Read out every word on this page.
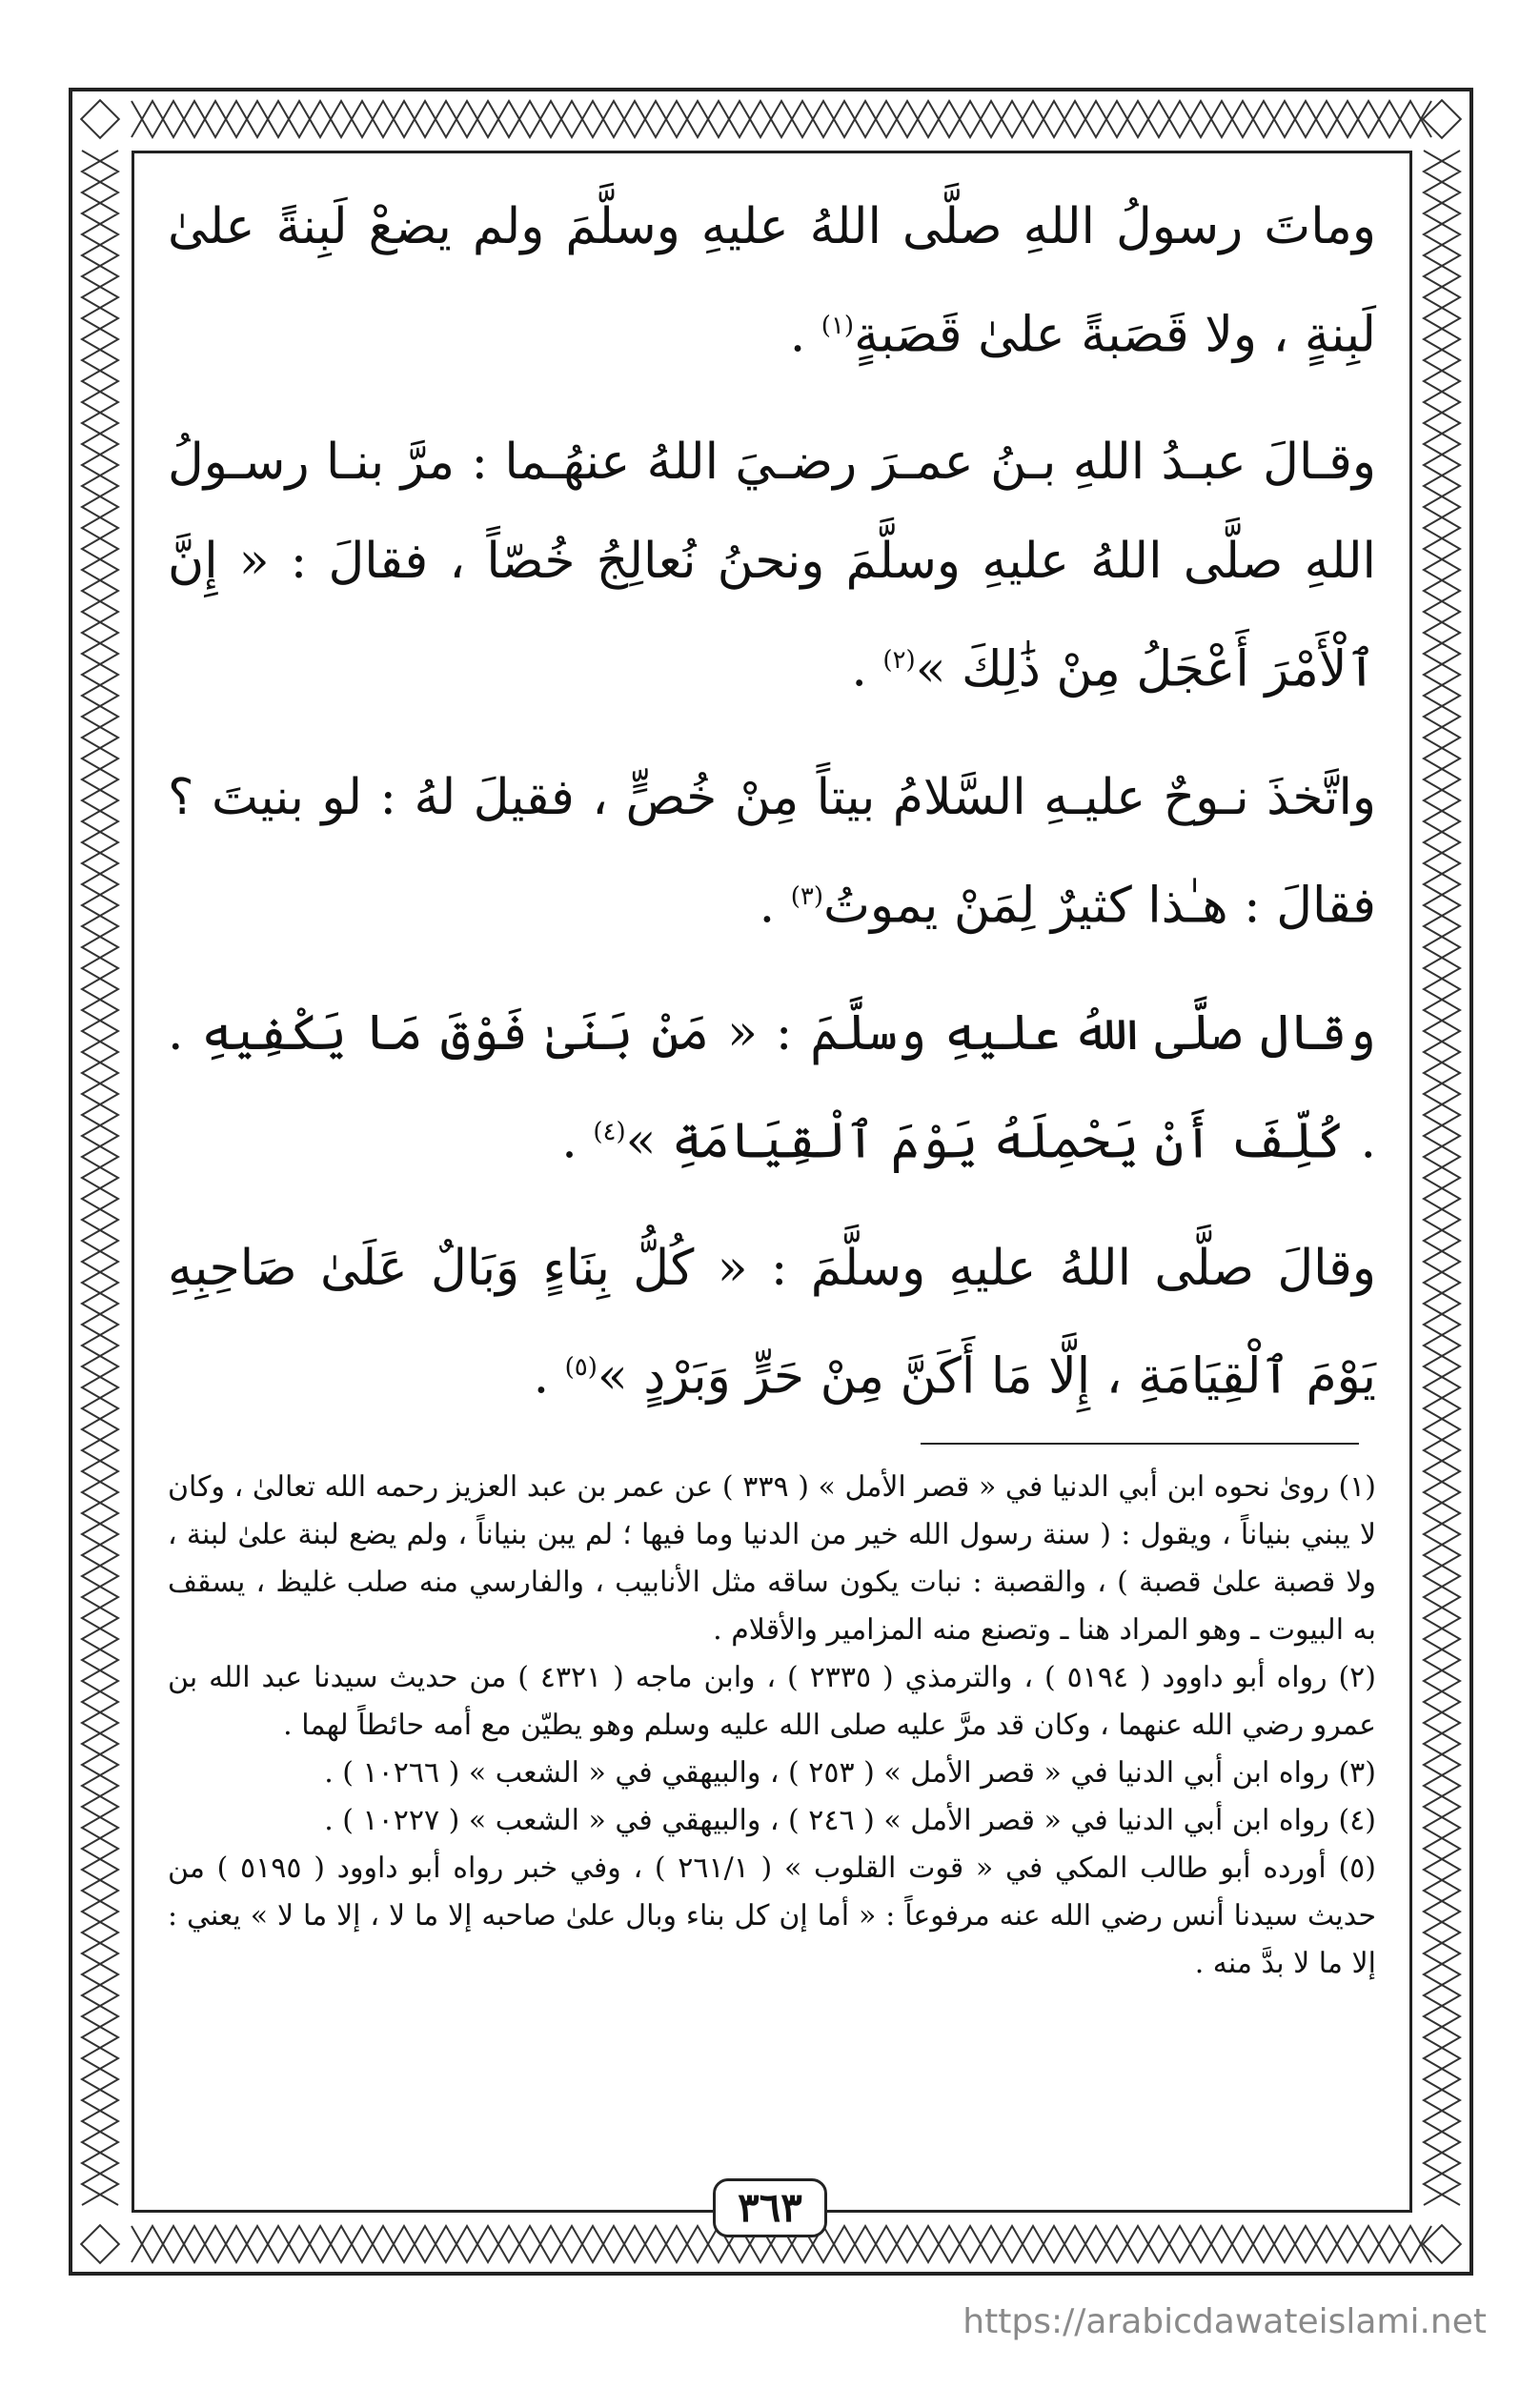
وماتَ رسولُ اللهِ صلَّى اللهُ عليهِ وسلَّمَ ولم يضعْ لَبِنةً علىٰ لَبِنةٍ ، ولا قَصَبةً علىٰ قَصَبةٍ$^{(١)}$ .

وقـالَ عبـدُ اللهِ بـنُ عمـرَ رضـيَ اللهُ عنهُـما : مرَّ بنـا رسـولُ اللهِ صلَّى اللهُ عليهِ وسلَّمَ ونحنُ نُعالِجُ خُصّاً ، فقالَ : « إِنَّ ٱلْأَمْرَ أَعْجَلُ مِنْ ذَٰلِكَ »$^{(٢)}$ .

واتَّخذَ نـوحٌ عليـهِ السَّلامُ بيتاً مِنْ خُصٍّ ، فقيلَ لهُ : لو بنيتَ ؟ فقالَ : هـٰذا كثيرٌ لِمَنْ يموتُ$^{(٣)}$ .

وقال صلَّى اللهُ عليهِ وسلَّمَ : « مَنْ بَنَىٰ فَوْقَ مَا يَكْفِيهِ . . كُلِّفَ أَنْ يَحْمِلَهُ يَوْمَ ٱلْقِيَامَةِ »$^{(٤)}$ .

وقالَ صلَّى اللهُ عليهِ وسلَّمَ : « كُلُّ بِنَاءٍ وَبَالٌ عَلَىٰ صَاحِبِهِ يَوْمَ ٱلْقِيَامَةِ ، إِلَّا مَا أَكَنَّ مِنْ حَرٍّ وَبَرْدٍ »$^{(٥)}$ .

(١) روىٰ نحوه ابن أبي الدنيا في « قصر الأمل » ( ٣٣٩ ) عن عمر بن عبد العزيز رحمه الله تعالىٰ ، وكان لا يبني بنياناً ، ويقول : ( سنة رسول الله خير من الدنيا وما فيها ؛ لم يبن بنياناً ، ولم يضع لبنة علىٰ لبنة ، ولا قصبة علىٰ قصبة ) ، والقصبة : نبات يكون ساقه مثل الأنابيب ، والفارسي منه صلب غليظ ، يسقف به البيوت ـ وهو المراد هنا ـ وتصنع منه المزامير والأقلام .

(٢) رواه أبو داوود ( ٥١٩٤ ) ، والترمذي ( ٢٣٣٥ ) ، وابن ماجه ( ٤٣٢١ ) من حديث سيدنا عبد الله بن عمرو رضي الله عنهما ، وكان قد مرَّ عليه صلى الله عليه وسلم وهو يطيّن مع أمه حائطاً لهما .

(٣) رواه ابن أبي الدنيا في « قصر الأمل » ( ٢٥٣ ) ، والبيهقي في « الشعب » ( ١٠٢٦٦ ) .

(٤) رواه ابن أبي الدنيا في « قصر الأمل » ( ٢٤٦ ) ، والبيهقي في « الشعب » ( ١٠٢٢٧ ) .

(٥) أورده أبو طالب المكي في « قوت القلوب » ( ٢٦١/١ ) ، وفي خبر رواه أبو داوود ( ٥١٩٥ ) من حديث سيدنا أنس رضي الله عنه مرفوعاً : « أما إن كل بناء وبال علىٰ صاحبه إلا ما لا ، إلا ما لا » يعني : إلا ما لا بدَّ منه .

٣٦٣
https://arabicdawateislami.net
